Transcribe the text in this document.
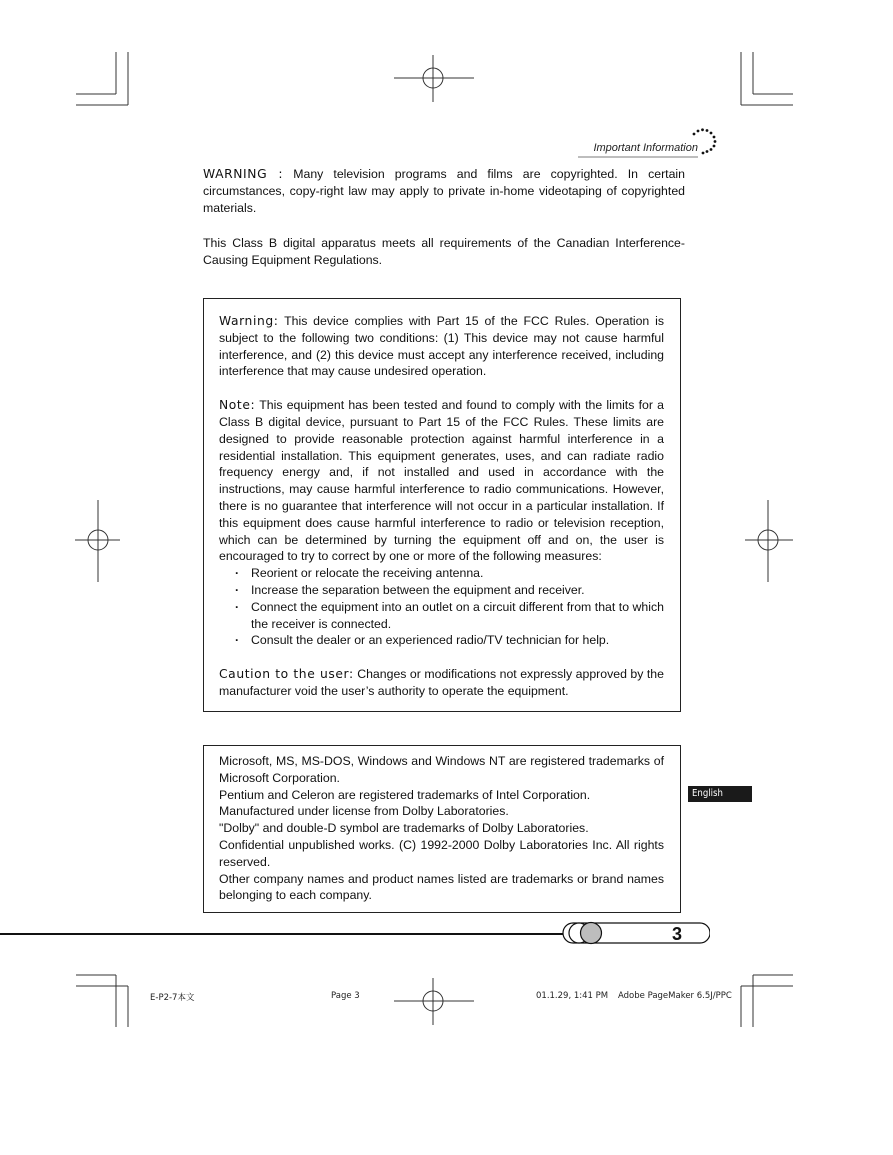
Important Information

WARNING : Many television programs and films are copyrighted. In certain circumstances, copy-right law may apply to private in-home videotaping of copyrighted materials.

This Class B digital apparatus meets all requirements of the Canadian Interference-Causing Equipment Regulations.

Warning: This device complies with Part 15 of the FCC Rules. Operation is subject to the following two conditions: (1) This device may not cause harmful interference, and (2) this device must accept any interference received, including interference that may cause undesired operation.

Note: This equipment has been tested and found to comply with the limits for a Class B digital device, pursuant to Part 15 of the FCC Rules. These limits are designed to provide reasonable protection against harmful interference in a residential installation. This equipment generates, uses, and can radiate radio frequency energy and, if not installed and used in accordance with the instructions, may cause harmful interference to radio communications. However, there is no guarantee that interference will not occur in a particular installation. If this equipment does cause harmful interference to radio or television reception, which can be determined by turning the equipment off and on, the user is encouraged to try to correct by one or more of the following measures:

· Reorient or relocate the receiving antenna.
· Increase the separation between the equipment and receiver.
· Connect the equipment into an outlet on a circuit different from that to which the receiver is connected.
· Consult the dealer or an experienced radio/TV technician for help.

Caution to the user: Changes or modifications not expressly approved by the manufacturer void the user’s authority to operate the equipment.

Microsoft, MS, MS-DOS, Windows and Windows NT are registered trademarks of Microsoft Corporation.

Pentium and Celeron are registered trademarks of Intel Corporation.

Manufactured under license from Dolby Laboratories.

"Dolby" and double-D symbol are trademarks of Dolby Laboratories.

Confidential unpublished works. (C) 1992-2000 Dolby Laboratories Inc. All rights reserved.

Other company names and product names listed are trademarks or brand names belonging to each company.

English
3
E-P2-7本文	Page 3	01.1.29, 1:41 PM Adobe PageMaker 6.5J/PPC
